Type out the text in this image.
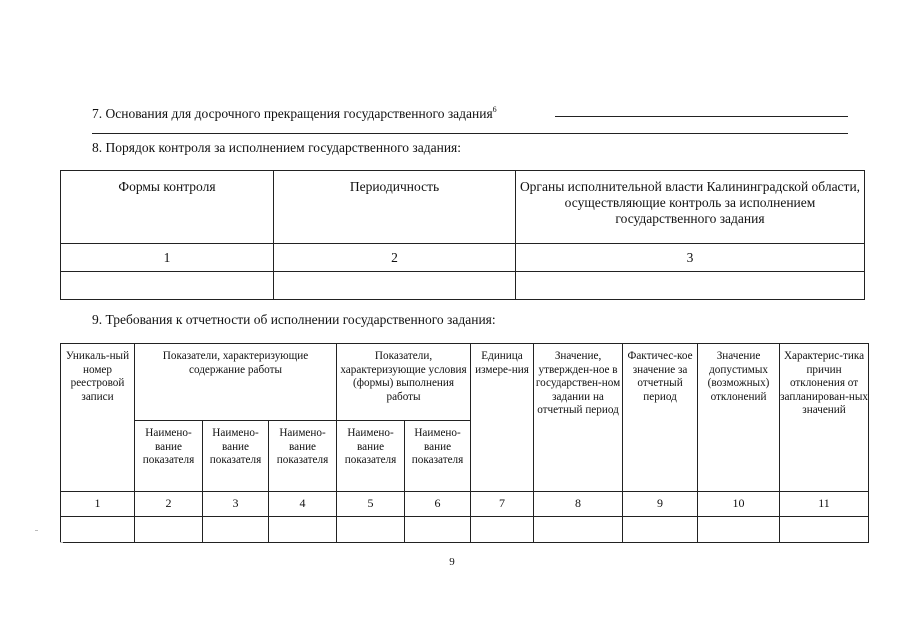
7. Основания для досрочного прекращения государственного задания$^6$
8. Порядок контроля за исполнением государственного задания:
Формы контроля	Периодичность	Органы исполнительной власти Калининградской области, осуществляющие контроль за исполнением государственного задания
1	2	3

9. Требования к отчетности об исполнении государственного задания:
Уникаль-ный номер реестровой записи	Показатели, характеризующие содержание работы			Показатели, характеризующие условия (формы) выполнения работы		Единица измере-ния	Значение, утвержден-ное в государствен-ном задании на отчетный период	Фактичес-кое значение за отчетный период	Значение допустимых (возможных) отклонений	Характерис-тика причин отклонения от запланирован-ных значений
	Наимено-вание показателя	Наимено-вание показателя	Наимено-вание показателя	Наимено-вание показателя	Наимено-вание показателя					
1	2	3	4	5	6	7	8	9	10	11

9
